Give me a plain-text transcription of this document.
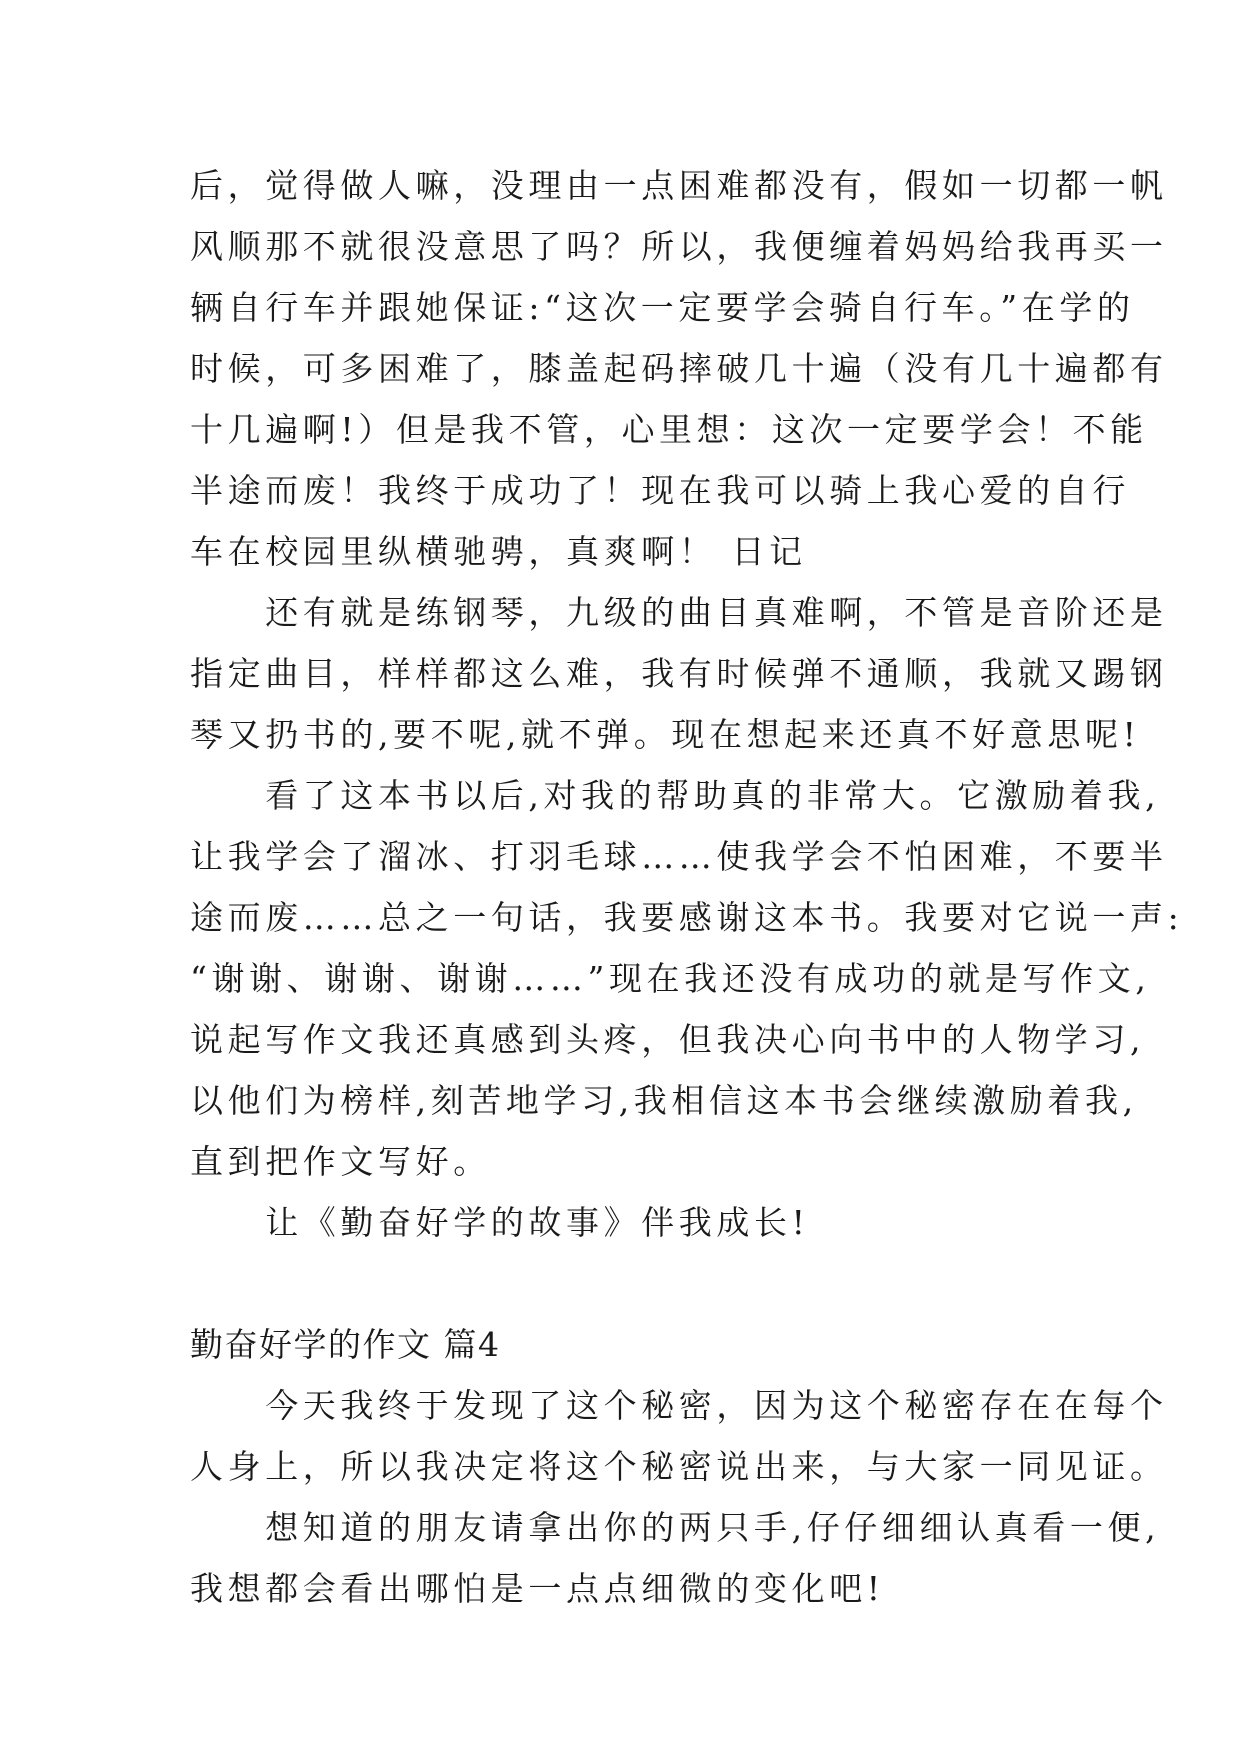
后，觉得做人嘛，没理由一点困难都没有，假如一切都一帆
风顺那不就很没意思了吗？所以，我便缠着妈妈给我再买一
辆自行车并跟她保证:“这次一定要学会骑自行车。”在学的
时候，可多困难了，膝盖起码摔破几十遍（没有几十遍都有
十几遍啊!）但是我不管，心里想：这次一定要学会！不能
半途而废！我终于成功了！现在我可以骑上我心爱的自行
车在校园里纵横驰骋，真爽啊！ 日记
　　还有就是练钢琴，九级的曲目真难啊，不管是音阶还是
指定曲目，样样都这么难，我有时候弹不通顺，我就又踢钢
琴又扔书的,要不呢,就不弹。现在想起来还真不好意思呢!
　　看了这本书以后,对我的帮助真的非常大。它激励着我,
让我学会了溜冰、打羽毛球……使我学会不怕困难，不要半
途而废……总之一句话，我要感谢这本书。我要对它说一声:
“谢谢、谢谢、谢谢……”现在我还没有成功的就是写作文,
说起写作文我还真感到头疼，但我决心向书中的人物学习,
以他们为榜样,刻苦地学习,我相信这本书会继续激励着我,
直到把作文写好。
　　让《勤奋好学的故事》伴我成长!
勤奋好学的作文 篇4
　　今天我终于发现了这个秘密，因为这个秘密存在在每个
人身上，所以我决定将这个秘密说出来，与大家一同见证。
　　想知道的朋友请拿出你的两只手,仔仔细细认真看一便,
我想都会看出哪怕是一点点细微的变化吧!
